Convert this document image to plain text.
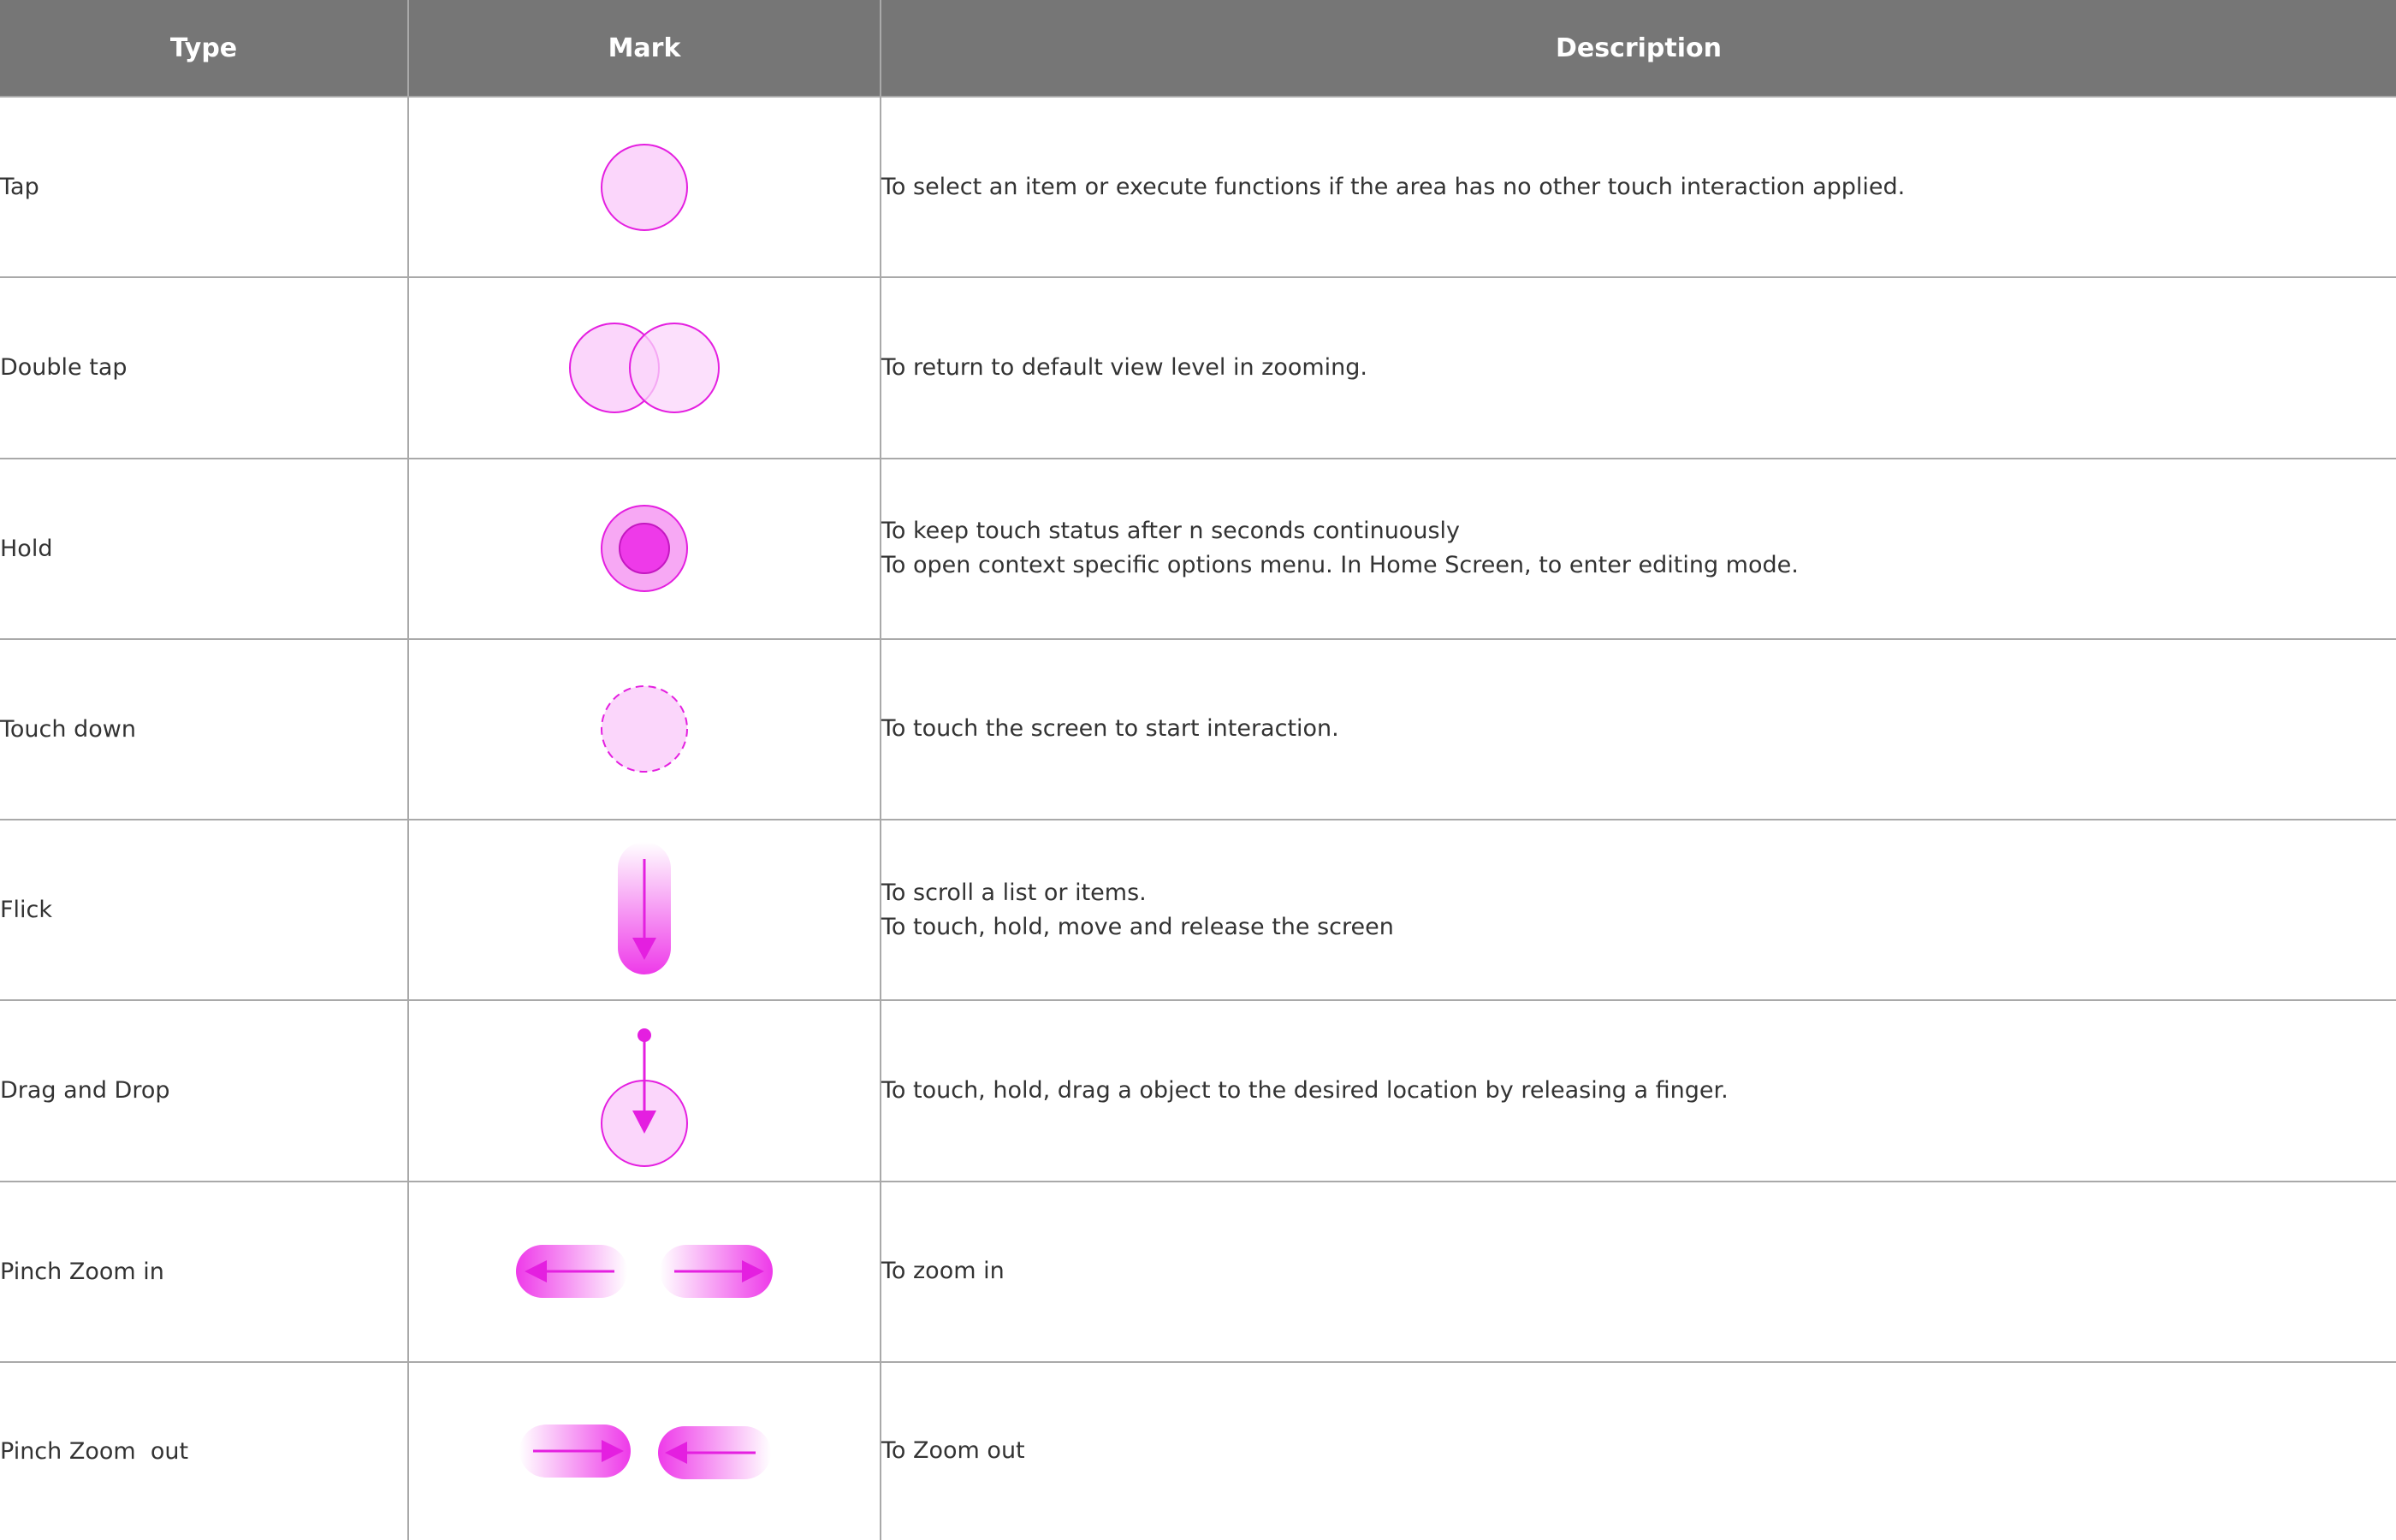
Type	Mark	Description
Tap		To select an item or execute functions if the area has no other touch interaction applied.

Double tap		To return to default view level in zooming.

Hold		To keep touch status after n seconds continuously
To open context specific options menu. In Home Screen, to enter editing mode.

Touch down		To touch the screen to start interaction.

Flick		To scroll a list or items.
To touch, hold, move and release the screen

Drag and Drop		To touch, hold, drag a object to the desired location by releasing a finger.

Pinch Zoom in		To zoom in

Pinch Zoom  out		To Zoom out
